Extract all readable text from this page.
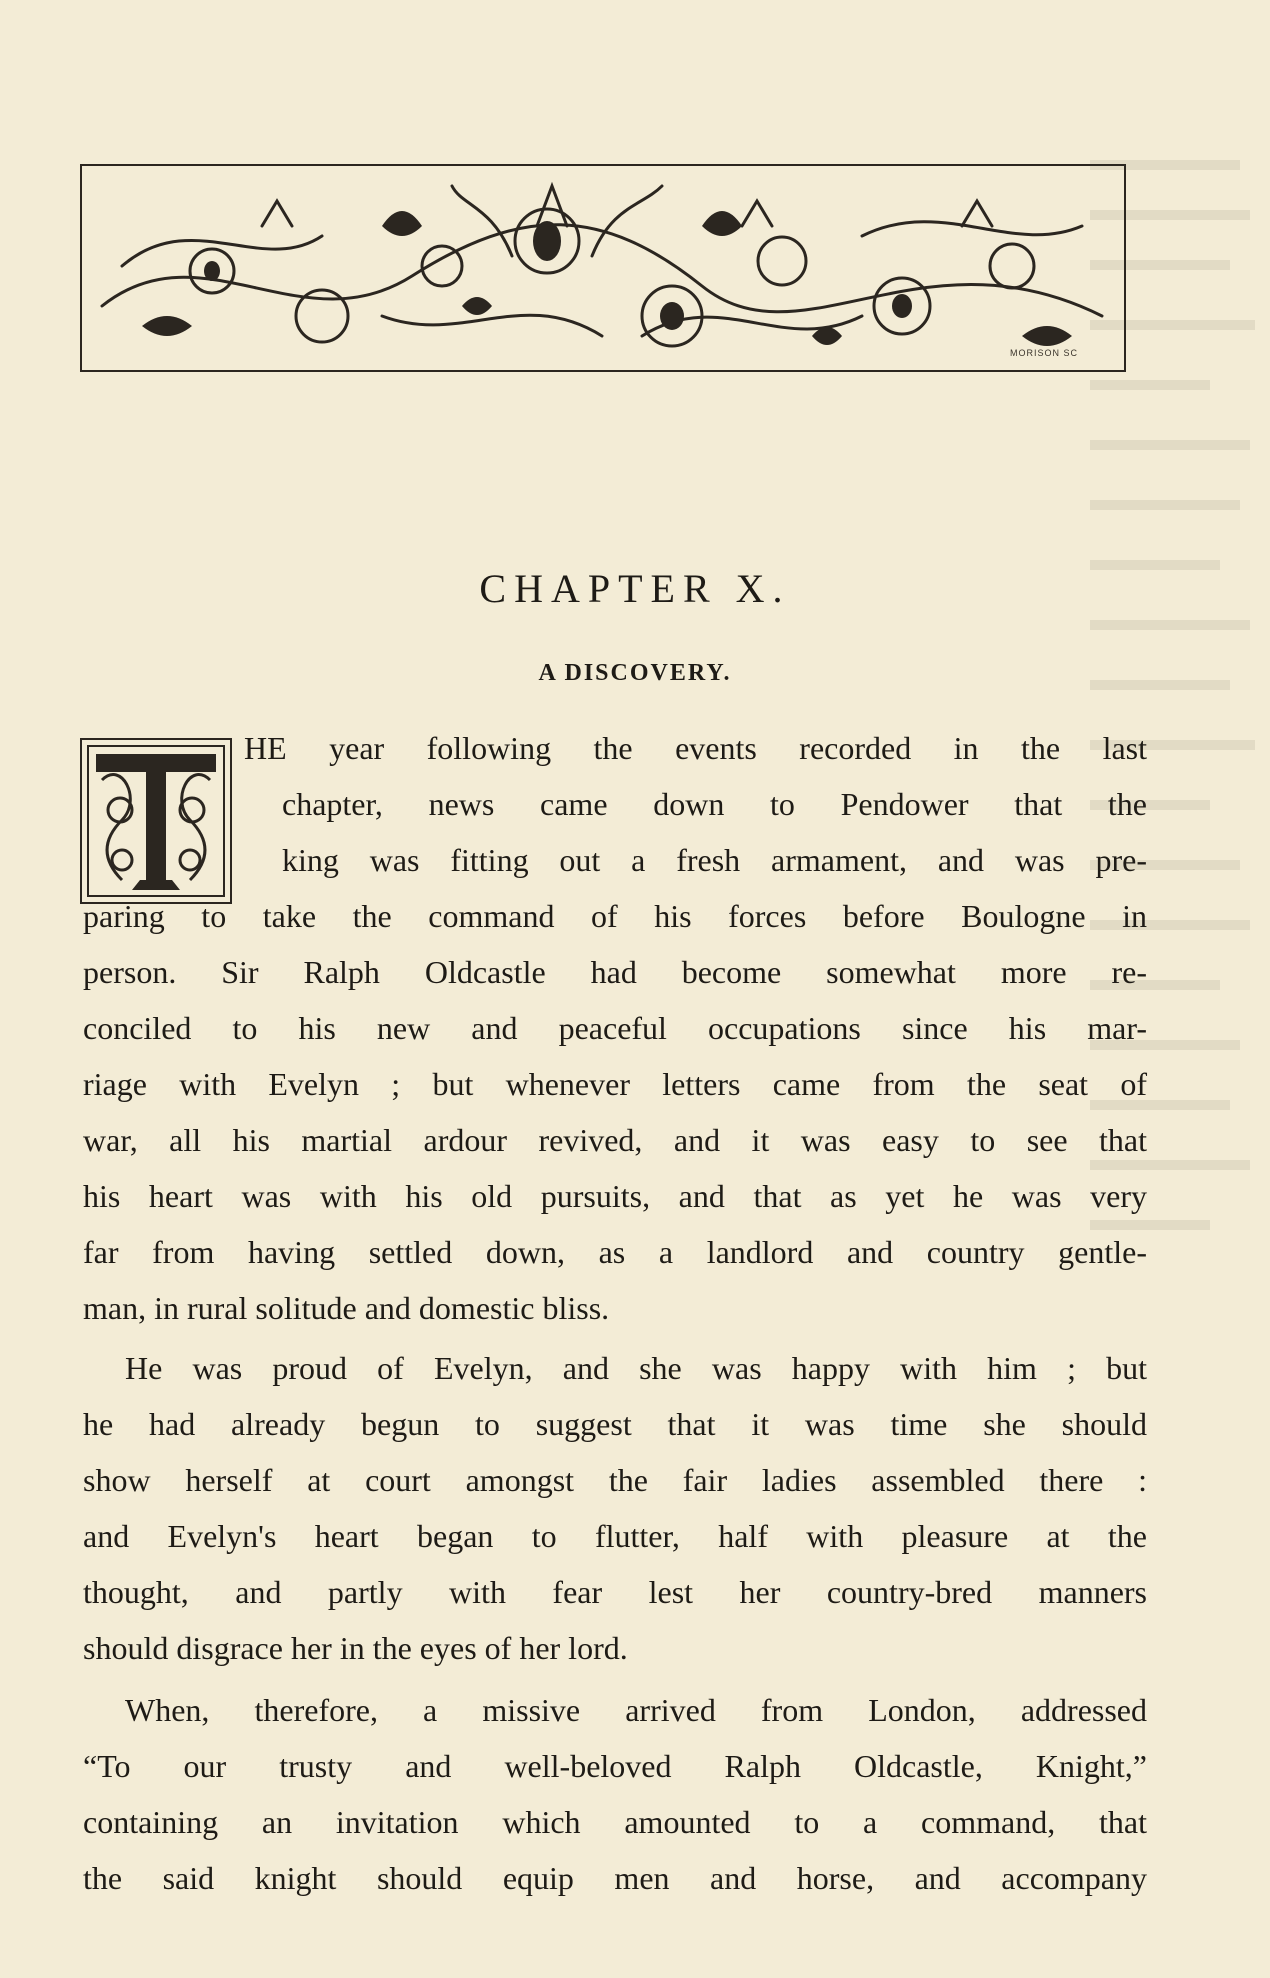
MORISON SC
CHAPTER X.
A DISCOVERY.
HE year following the events recorded in the last
chapter, news came down to Pendower that the
king was fitting out a fresh armament, and was pre-
paring to take the command of his forces before Boulogne in
person. Sir Ralph Oldcastle had become somewhat more re-
conciled to his new and peaceful occupations since his mar-
riage with Evelyn ; but whenever letters came from the seat of
war, all his martial ardour revived, and it was easy to see that
his heart was with his old pursuits, and that as yet he was very
far from having settled down, as a landlord and country gentle-
man, in rural solitude and domestic bliss.
He was proud of Evelyn, and she was happy with him ; but
he had already begun to suggest that it was time she should
show herself at court amongst the fair ladies assembled there :
and Evelyn's heart began to flutter, half with pleasure at the
thought, and partly with fear lest her country-bred manners
should disgrace her in the eyes of her lord.
When, therefore, a missive arrived from London, addressed
“To our trusty and well-beloved Ralph Oldcastle, Knight,”
containing an invitation which amounted to a command, that
the said knight should equip men and horse, and accompany
